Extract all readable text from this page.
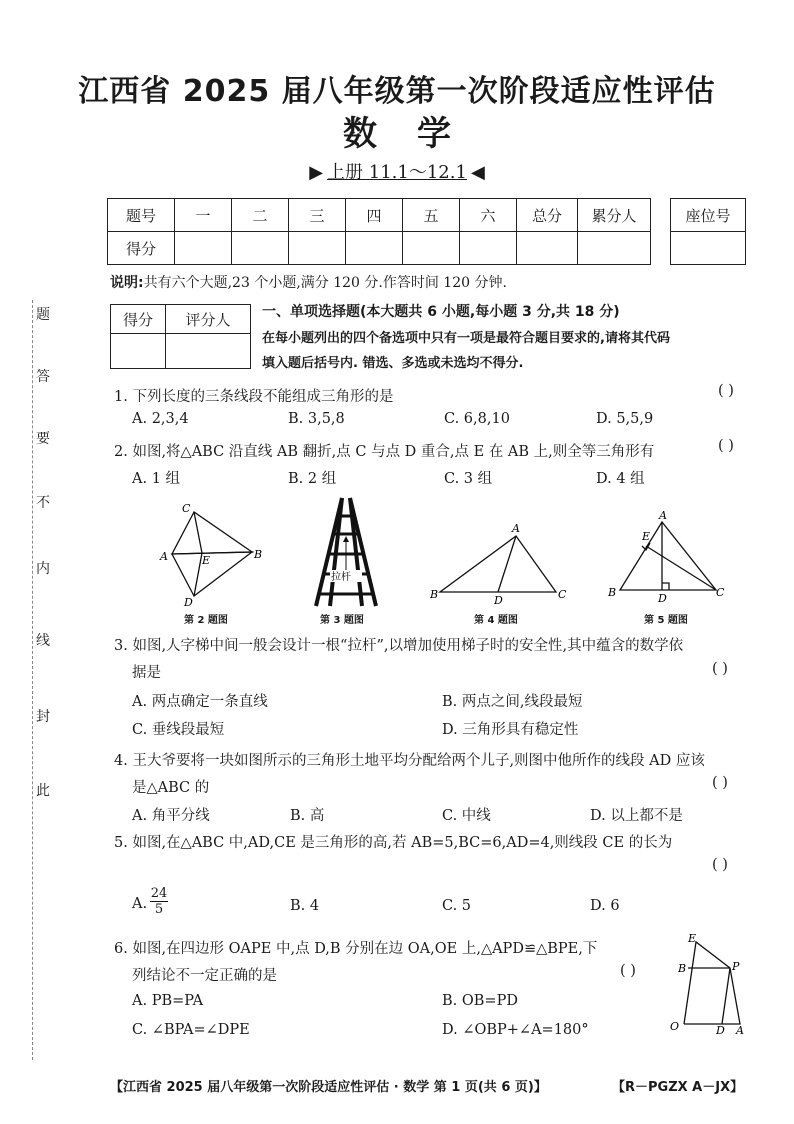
江西省 2025 届八年级第一次阶段适应性评估
数学
▶ 上册 11.1～12.1 ◀
题号	一	二	三	四	五	六	总分	累分人
得分								
座位号

说明:共有六个大题,23 个小题,满分 120 分.作答时间 120 分钟.
得分	评分人
	一、单项选择题(本大题共 6 小题,每小题 3 分,共 18 分)
在每小题列出的四个备选项中只有一项是最符合题目要求的,请将其代码
填入题后括号内. 错选、多选或未选均不得分.
1. 下列长度的三条线段不能组成三角形的是	( )
A. 2,3,4	B. 3,5,8	C. 6,8,10	D. 5,5,9
2. 如图,将△ABC 沿直线 AB 翻折,点 C 与点 D 重合,点 E 在 AB 上,则全等三角形有	( )
A. 1 组	B. 2 组	C. 3 组	D. 4 组
C
A	E	B
D
第 2 题图
拉杆
第 3 题图
A
B	D	C
第 4 题图
A
E
B	D	C
第 5 题图
3. 如图,人字梯中间一般会设计一根“拉杆”,以增加使用梯子时的安全性,其中蕴含的数学依
据是	( )
A. 两点确定一条直线	B. 两点之间,线段最短
C. 垂线段最短	D. 三角形具有稳定性
4. 王大爷要将一块如图所示的三角形土地平均分配给两个儿子,则图中他所作的线段 AD 应该
是△ABC 的	( )
A. 角平分线	B. 高	C. 中线	D. 以上都不是
5. 如图,在△ABC 中,AD,CE 是三角形的高,若 AB=5,BC=6,AD=4,则线段 CE 的长为
( )
A. $\frac{24}{5}$	B. 4	C. 5	D. 6
6. 如图,在四边形 OAPE 中,点 D,B 分别在边 OA,OE 上,△APD≌△BPE,下
列结论不一定正确的是	( )
A. PB=PA	B. OB=PD
C. ∠BPA=∠DPE	D. ∠OBP+∠A=180°
E
B	P
O	D A
此
封
线
内
不
要
答
题
【江西省 2025 届八年级第一次阶段适应性评估 · 数学 第 1 页(共 6 页)】	【R－PGZX A－JX】
